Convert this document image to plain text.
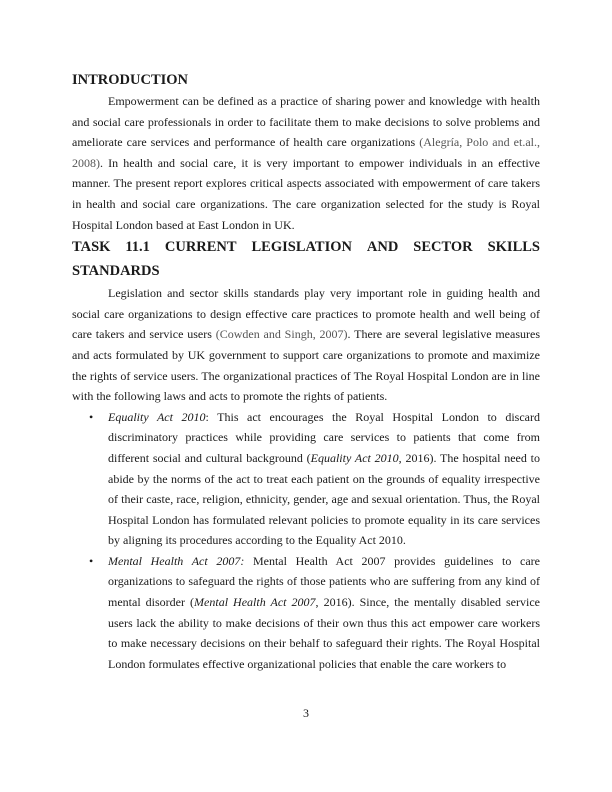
INTRODUCTION

Empowerment can be defined as a practice of sharing power and knowledge with health and social care professionals in order to facilitate them to make decisions to solve problems and ameliorate care services and performance of health care organizations (Alegría, Polo and et.al., 2008). In health and social care, it is very important to empower individuals in an effective manner. The present report explores critical aspects associated with empowerment of care takers in health and social care organizations. The care organization selected for the study is Royal Hospital London based at East London in UK.

TASK 11.1 CURRENT LEGISLATION AND SECTOR SKILLS
STANDARDS

Legislation and sector skills standards play very important role in guiding health and social care organizations to design effective care practices to promote health and well being of care takers and service users (Cowden and Singh, 2007). There are several legislative measures and acts formulated by UK government to support care organizations to promote and maximize the rights of service users. The organizational practices of The Royal Hospital London are in line with the following laws and acts to promote the rights of patients.

• Equality Act 2010: This act encourages the Royal Hospital London to discard discriminatory practices while providing care services to patients that come from different social and cultural background (Equality Act 2010, 2016). The hospital need to abide by the norms of the act to treat each patient on the grounds of equality irrespective of their caste, race, religion, ethnicity, gender, age and sexual orientation. Thus, the Royal Hospital London has formulated relevant policies to promote equality in its care services by aligning its procedures according to the Equality Act 2010.
• Mental Health Act 2007: Mental Health Act 2007 provides guidelines to care organizations to safeguard the rights of those patients who are suffering from any kind of mental disorder (Mental Health Act 2007, 2016). Since, the mentally disabled service users lack the ability to make decisions of their own thus this act empower care workers to make necessary decisions on their behalf to safeguard their rights. The Royal Hospital London formulates effective organizational policies that enable the care workers to
3
